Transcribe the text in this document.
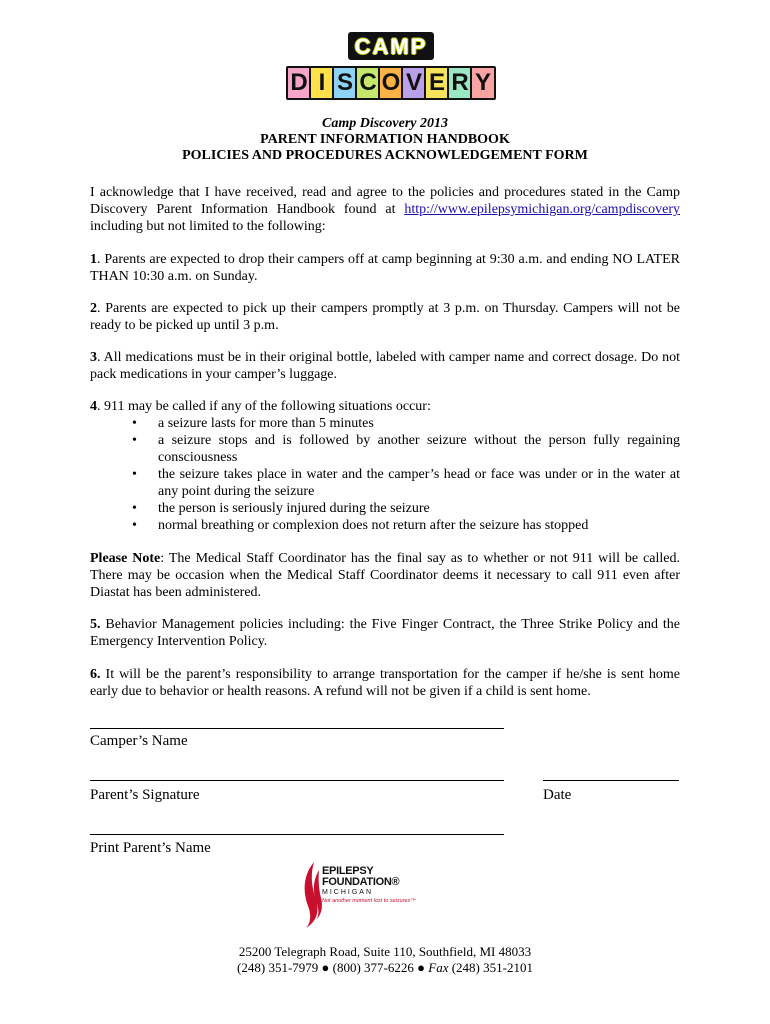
CAMP
D I S C O V E R Y
Camp Discovery 2013
PARENT INFORMATION HANDBOOK
POLICIES AND PROCEDURES ACKNOWLEDGEMENT FORM

I acknowledge that I have received, read and agree to the policies and procedures stated in the Camp Discovery Parent Information Handbook found at http://www.epilepsymichigan.org/campdiscovery including but not limited to the following:

1. Parents are expected to drop their campers off at camp beginning at 9:30 a.m. and ending NO LATER THAN 10:30 a.m. on Sunday.

2. Parents are expected to pick up their campers promptly at 3 p.m. on Thursday. Campers will not be ready to be picked up until 3 p.m.

3. All medications must be in their original bottle, labeled with camper name and correct dosage. Do not pack medications in your camper’s luggage.

4. 911 may be called if any of the following situations occur:

• a seizure lasts for more than 5 minutes
• a seizure stops and is followed by another seizure without the person fully regaining consciousness
• the seizure takes place in water and the camper’s head or face was under or in the water at any point during the seizure
• the person is seriously injured during the seizure
• normal breathing or complexion does not return after the seizure has stopped

Please Note: The Medical Staff Coordinator has the final say as to whether or not 911 will be called. There may be occasion when the Medical Staff Coordinator deems it necessary to call 911 even after Diastat has been administered.

5. Behavior Management policies including: the Five Finger Contract, the Three Strike Policy and the Emergency Intervention Policy.

6. It will be the parent’s responsibility to arrange transportation for the camper if he/she is sent home early due to behavior or health reasons. A refund will not be given if a child is sent home.

Camper’s Name
Parent’s Signature	Date
Print Parent’s Name
EPILEPSY
FOUNDATION®
MICHIGAN
Not another moment lost to seizures™
25200 Telegraph Road, Suite 110, Southfield, MI 48033
(248) 351-7979 ● (800) 377-6226 ● Fax (248) 351-2101
